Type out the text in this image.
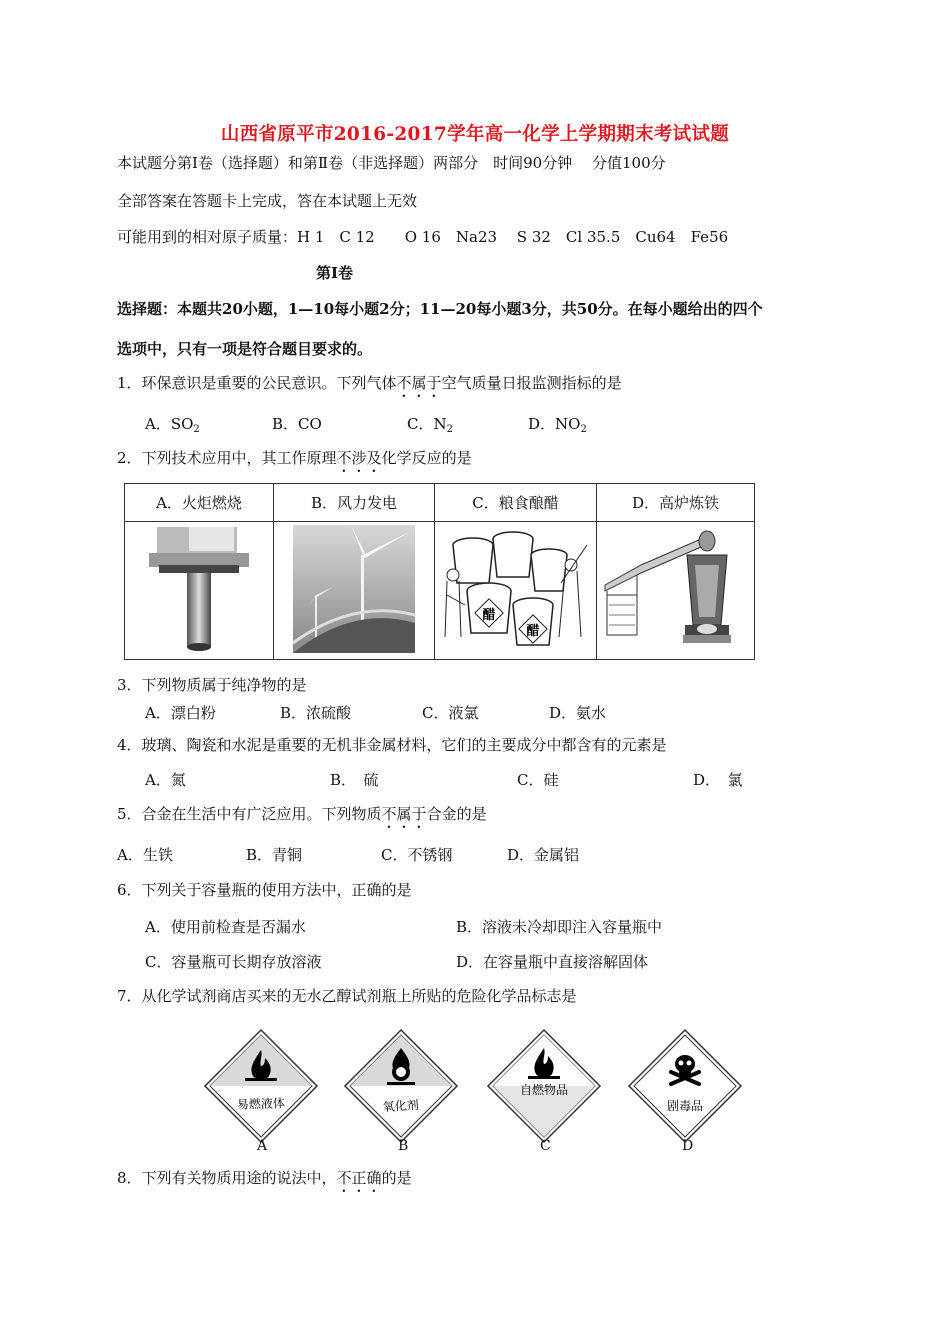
山西省原平市2016-2017学年高一化学上学期期末考试试题
本试题分第Ⅰ卷（选择题）和第Ⅱ卷（非选择题）两部分　时间90分钟　 分值100分
全部答案在答题卡上完成，答在本试题上无效
可能用到的相对原子质量：H 1　C 12　　O 16　Na23　 S 32　Cl 35.5　Cu64　Fe56
第Ⅰ卷
选择题：本题共20小题，1—10每小题2分；11—20每小题3分，共50分。在每小题给出的四个
选项中，只有一项是符合题目要求的。
1．环保意识是重要的公民意识。下列气体不属于空气质量日报监测指标的是
A．$SO_2$	B．CO	C．$N_2$	D．$NO_2$
2．下列技术应用中，其工作原理不涉及化学反应的是
A．火炬燃烧	B．风力发电	C．粮食酿醋	D．高炉炼铁

醋
醋

3．下列物质属于纯净物的是
A．漂白粉	B．浓硫酸	C．液氯	D．氨水
4．玻璃、陶瓷和水泥是重要的无机非金属材料，它们的主要成分中都含有的元素是
A．氮	B．　硫	C．硅	D．　氯
5．合金在生活中有广泛应用。下列物质不属于合金的是
A．生铁	B．青铜	C．不锈钢	D．金属铝
6．下列关于容量瓶的使用方法中，正确的是
A．使用前检查是否漏水	B．溶液未冷却即注入容量瓶中
C．容量瓶可长期存放溶液	D．在容量瓶中直接溶解固体
7．从化学试剂商店买来的无水乙醇试剂瓶上所贴的危险化学品标志是
易燃液体
A
氧化剂
B
自燃物品
C
剧毒品
D
8．下列有关物质用途的说法中，不正确的是
